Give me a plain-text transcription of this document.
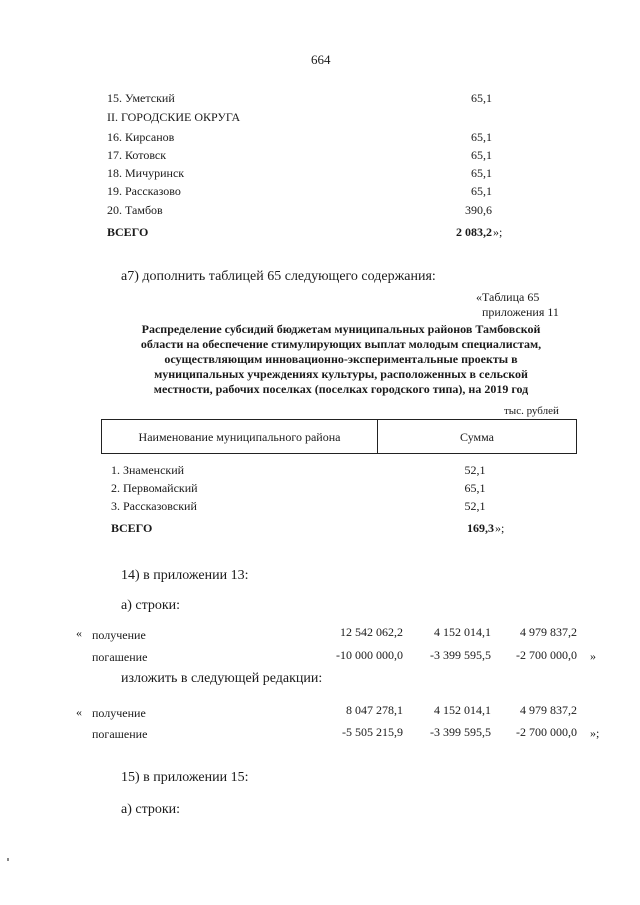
664
15. Уметский	65,1
II. ГОРОДСКИЕ ОКРУГА
16. Кирсанов	65,1
17. Котовск	65,1
18. Мичуринск	65,1
19. Рассказово	65,1
20. Тамбов	390,6
ВСЕГО	2 083,2 »;
а7) дополнить таблицей 65 следующего содержания:
«Таблица 65
приложения 11
Распределение субсидий бюджетам муниципальных районов Тамбовской
области на обеспечение стимулирующих выплат молодым специалистам,
осуществляющим инновационно-экспериментальные проекты в
муниципальных учреждениях культуры, расположенных в сельской
местности, рабочих поселках (поселках городского типа), на 2019 год
тыс. рублей
Наименование муниципального района	Сумма
1. Знаменский	52,1
2. Первомайский	65,1
3. Рассказовский	52,1
ВСЕГО	169,3 »;
14) в приложении 13:
а) строки:
« получение	12 542 062,2	4 152 014,1	4 979 837,2
погашение	-10 000 000,0	-3 399 595,5	-2 700 000,0 »
изложить в следующей редакции:
« получение	8 047 278,1	4 152 014,1	4 979 837,2
погашение	-5 505 215,9	-3 399 595,5	-2 700 000,0 »;
15) в приложении 15:
а) строки:
